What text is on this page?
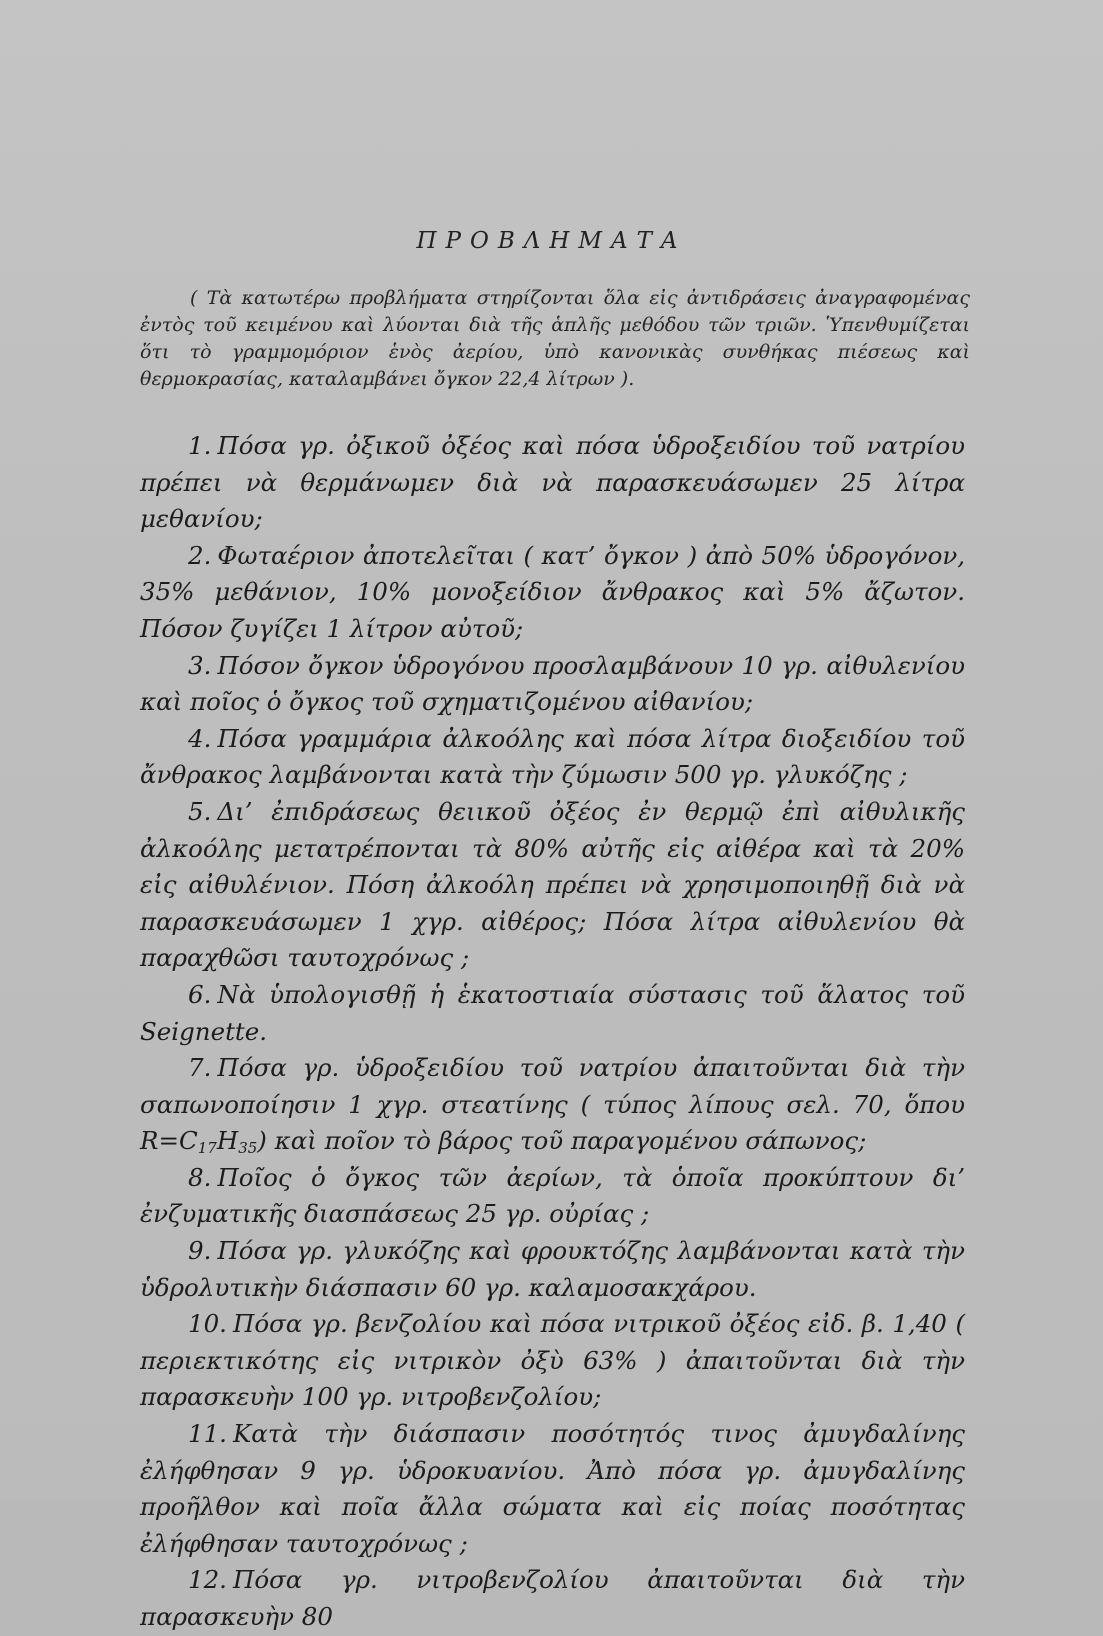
ΠΡΟΒΛΗΜΑΤΑ

( Τὰ κατωτέρω προβλήματα στηρίζονται ὅλα εἰς ἀντιδράσεις ἀναγραφομένας ἐντὸς τοῦ κειμένου καὶ λύονται διὰ τῆς ἁπλῆς μεθόδου τῶν τριῶν. Ὑπενθυμίζεται ὅτι τὸ γραμμομόριον ἑνὸς ἀερίου, ὑπὸ κανονικὰς συνθήκας πιέσεως καὶ θερμοκρασίας, καταλαμβάνει ὄγκον 22,4 λίτρων ).

1. Πόσα γρ. ὀξικοῦ ὀξέος καὶ πόσα ὑδροξειδίου τοῦ νατρίου πρέπει νὰ θερμάνωμεν διὰ νὰ παρασκευάσωμεν 25 λίτρα μεθανίου;

2. Φωταέριον ἀποτελεῖται ( κατ’ ὄγκον ) ἀπὸ 50% ὑδρογόνον, 35% μεθάνιον, 10% μονοξείδιον ἄνθρακος καὶ 5% ἄζωτον. Πόσον ζυγίζει 1 λίτρον αὐτοῦ;

3. Πόσον ὄγκον ὑδρογόνου προσλαμβάνουν 10 γρ. αἰθυλενίου καὶ ποῖος ὁ ὄγκος τοῦ σχηματιζομένου αἰθανίου;

4. Πόσα γραμμάρια ἀλκοόλης καὶ πόσα λίτρα διοξειδίου τοῦ ἄνθρακος λαμβάνονται κατὰ τὴν ζύμωσιν 500 γρ. γλυκόζης ;

5. Δι’ ἐπιδράσεως θειικοῦ ὀξέος ἐν θερμῷ ἐπὶ αἰθυλικῆς ἀλκοόλης μετατρέπονται τὰ 80% αὐτῆς εἰς αἰθέρα καὶ τὰ 20% εἰς αἰθυλένιον. Πόση ἀλκοόλη πρέπει νὰ χρησιμοποιηθῇ διὰ νὰ παρασκευάσωμεν 1 χγρ. αἰθέρος; Πόσα λίτρα αἰθυλενίου θὰ παραχθῶσι ταυτοχρόνως ;

6. Νὰ ὑπολογισθῇ ἡ ἑκατοστιαία σύστασις τοῦ ἅλατος τοῦ Seignette.

7. Πόσα γρ. ὑδροξειδίου τοῦ νατρίου ἀπαιτοῦνται διὰ τὴν σαπωνοποίησιν 1 χγρ. στεατίνης ( τύπος λίπους σελ. 70, ὅπου $R=C_{17}H_{35}$) καὶ ποῖον τὸ βάρος τοῦ παραγομένου σάπωνος;

8. Ποῖος ὁ ὄγκος τῶν ἀερίων, τὰ ὁποῖα προκύπτουν δι’ ἐνζυματικῆς διασπάσεως 25 γρ. οὐρίας ;

9. Πόσα γρ. γλυκόζης καὶ φρουκτόζης λαμβάνονται κατὰ τὴν ὑδρολυτικὴν διάσπασιν 60 γρ. καλαμοσακχάρου.

10. Πόσα γρ. βενζολίου καὶ πόσα νιτρικοῦ ὀξέος εἰδ. β. 1,40 ( περιεκτικότης εἰς νιτρικὸν ὀξὺ 63% ) ἀπαιτοῦνται διὰ τὴν παρασκευὴν 100 γρ. νιτροβενζολίου;

11. Κατὰ τὴν διάσπασιν ποσότητός τινος ἀμυγδαλίνης ἐλήφθησαν 9 γρ. ὑδροκυανίου. Ἀπὸ πόσα γρ. ἀμυγδαλίνης προῆλθον καὶ ποῖα ἄλλα σώματα καὶ εἰς ποίας ποσότητας ἐλήφθησαν ταυτοχρόνως ;

12. Πόσα γρ. νιτροβενζολίου ἀπαιτοῦνται διὰ τὴν παρασκευὴν 80
